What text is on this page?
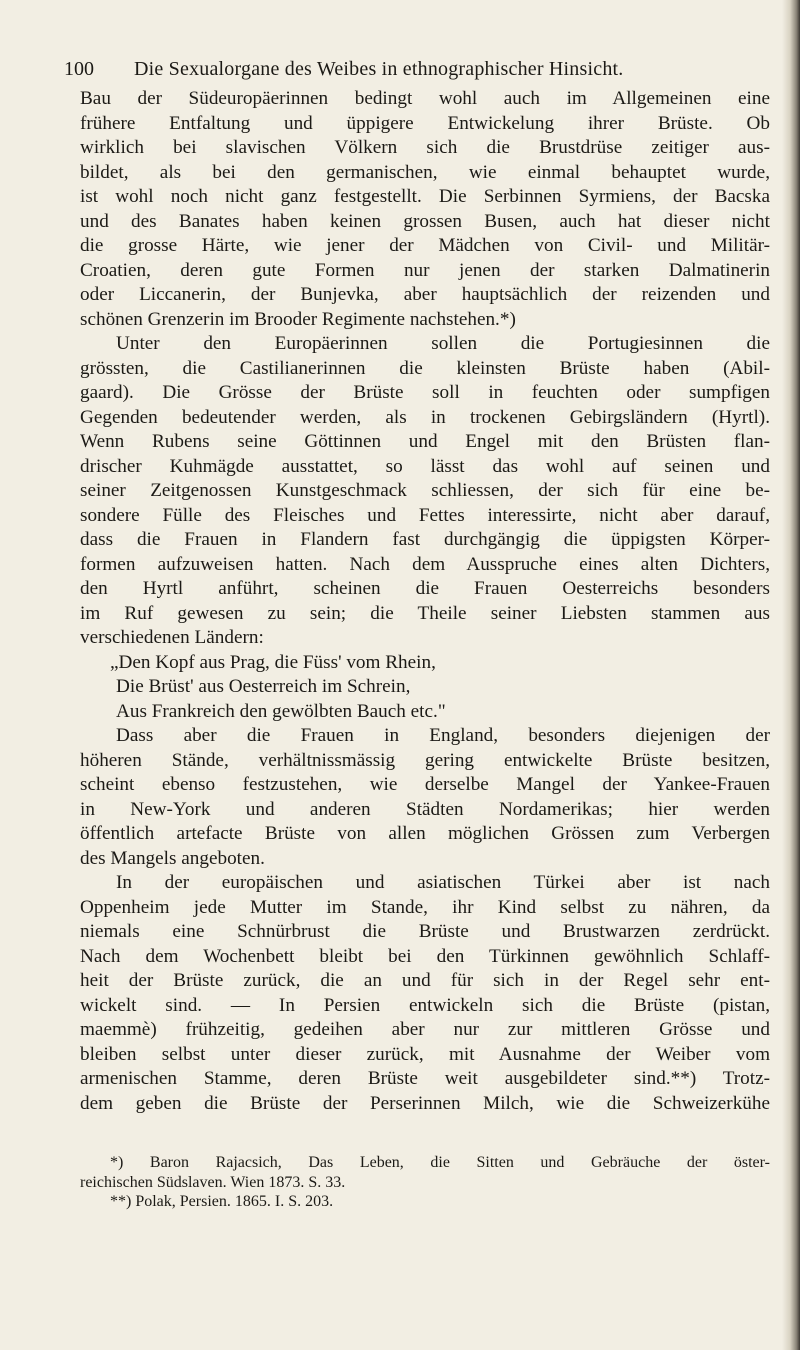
100 Die Sexualorgane des Weibes in ethnographischer Hinsicht.
Bau der Südeuropäerinnen bedingt wohl auch im Allgemeinen eine
frühere Entfaltung und üppigere Entwickelung ihrer Brüste. Ob
wirklich bei slavischen Völkern sich die Brustdrüse zeitiger aus-
bildet, als bei den germanischen, wie einmal behauptet wurde,
ist wohl noch nicht ganz festgestellt. Die Serbinnen Syrmiens, der Bacska
und des Banates haben keinen grossen Busen, auch hat dieser nicht
die grosse Härte, wie jener der Mädchen von Civil- und Militär-
Croatien, deren gute Formen nur jenen der starken Dalmatinerin
oder Liccanerin, der Bunjevka, aber hauptsächlich der reizenden und
schönen Grenzerin im Brooder Regimente nachstehen.*)
Unter den Europäerinnen sollen die Portugiesinnen die
grössten, die Castilianerinnen die kleinsten Brüste haben (Abil-
gaard). Die Grösse der Brüste soll in feuchten oder sumpfigen
Gegenden bedeutender werden, als in trockenen Gebirgsländern (Hyrtl).
Wenn Rubens seine Göttinnen und Engel mit den Brüsten flan-
drischer Kuhmägde ausstattet, so lässt das wohl auf seinen und
seiner Zeitgenossen Kunstgeschmack schliessen, der sich für eine be-
sondere Fülle des Fleisches und Fettes interessirte, nicht aber darauf,
dass die Frauen in Flandern fast durchgängig die üppigsten Körper-
formen aufzuweisen hatten. Nach dem Ausspruche eines alten Dichters,
den Hyrtl anführt, scheinen die Frauen Oesterreichs besonders
im Ruf gewesen zu sein; die Theile seiner Liebsten stammen aus
verschiedenen Ländern:
„Den Kopf aus Prag, die Füss' vom Rhein,
Die Brüst' aus Oesterreich im Schrein,
Aus Frankreich den gewölbten Bauch etc."
Dass aber die Frauen in England, besonders diejenigen der
höheren Stände, verhältnissmässig gering entwickelte Brüste besitzen,
scheint ebenso festzustehen, wie derselbe Mangel der Yankee-Frauen
in New-York und anderen Städten Nordamerikas; hier werden
öffentlich artefacte Brüste von allen möglichen Grössen zum Verbergen
des Mangels angeboten.
In der europäischen und asiatischen Türkei aber ist nach
Oppenheim jede Mutter im Stande, ihr Kind selbst zu nähren, da
niemals eine Schnürbrust die Brüste und Brustwarzen zerdrückt.
Nach dem Wochenbett bleibt bei den Türkinnen gewöhnlich Schlaff-
heit der Brüste zurück, die an und für sich in der Regel sehr ent-
wickelt sind. — In Persien entwickeln sich die Brüste (pistan,
maemmè) frühzeitig, gedeihen aber nur zur mittleren Grösse und
bleiben selbst unter dieser zurück, mit Ausnahme der Weiber vom
armenischen Stamme, deren Brüste weit ausgebildeter sind.**) Trotz-
dem geben die Brüste der Perserinnen Milch, wie die Schweizerkühe
*) Baron Rajacsich, Das Leben, die Sitten und Gebräuche der öster-
reichischen Südslaven. Wien 1873. S. 33.
**) Polak, Persien. 1865. I. S. 203.
